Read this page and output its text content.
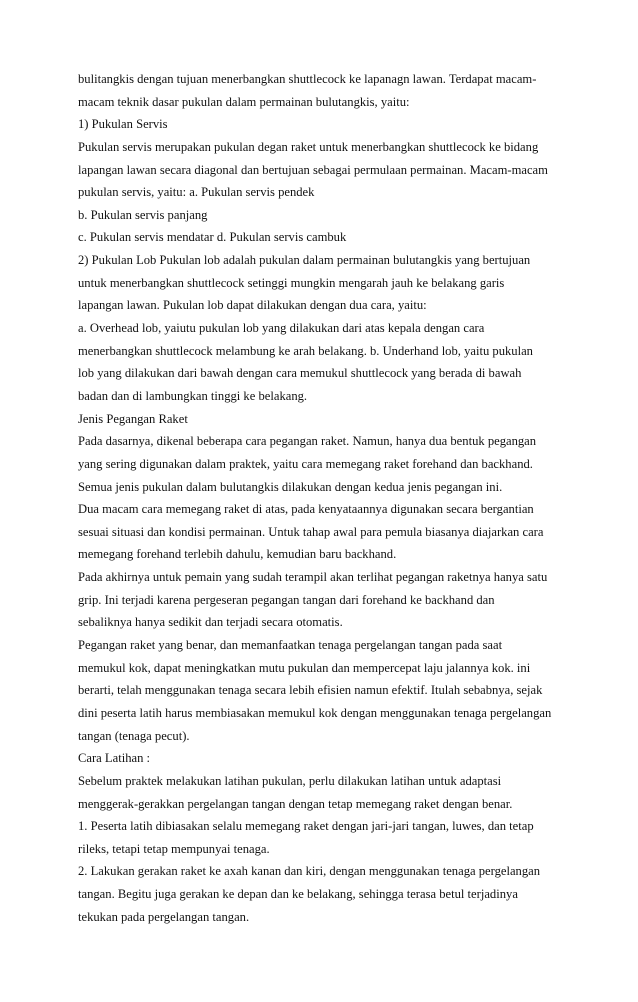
bulitangkis dengan tujuan menerbangkan shuttlecock ke lapanagn lawan. Terdapat macam-
macam teknik dasar pukulan dalam permainan bulutangkis, yaitu:
1) Pukulan Servis
Pukulan servis merupakan pukulan degan raket untuk menerbangkan shuttlecock ke bidang
lapangan lawan secara diagonal dan bertujuan sebagai permulaan permainan. Macam-macam
pukulan servis, yaitu: a. Pukulan servis pendek
b. Pukulan servis panjang
c. Pukulan servis mendatar d. Pukulan servis cambuk
2) Pukulan Lob Pukulan lob adalah pukulan dalam permainan bulutangkis yang bertujuan
untuk menerbangkan shuttlecock setinggi mungkin mengarah jauh ke belakang garis
lapangan lawan. Pukulan lob dapat dilakukan dengan dua cara, yaitu:
a. Overhead lob, yaiutu pukulan lob yang dilakukan dari atas kepala dengan cara
menerbangkan shuttlecock melambung ke arah belakang. b. Underhand lob, yaitu pukulan
lob yang dilakukan dari bawah dengan cara memukul shuttlecock yang berada di bawah
badan dan di lambungkan tinggi ke belakang.
Jenis Pegangan Raket
Pada dasarnya, dikenal beberapa cara pegangan raket. Namun, hanya dua bentuk pegangan
yang sering digunakan dalam praktek, yaitu cara memegang raket forehand dan backhand.
Semua jenis pukulan dalam bulutangkis dilakukan dengan kedua jenis pegangan ini.
Dua macam cara memegang raket di atas, pada kenyataannya digunakan secara bergantian
sesuai situasi dan kondisi permainan. Untuk tahap awal para pemula biasanya diajarkan cara
memegang forehand terlebih dahulu, kemudian baru backhand.
Pada akhirnya untuk pemain yang sudah terampil akan terlihat pegangan raketnya hanya satu
grip. Ini terjadi karena pergeseran pegangan tangan dari forehand ke backhand dan
sebaliknya hanya sedikit dan terjadi secara otomatis.
Pegangan raket yang benar, dan memanfaatkan tenaga pergelangan tangan pada saat
memukul kok, dapat meningkatkan mutu pukulan dan mempercepat laju jalannya kok. ini
berarti, telah menggunakan tenaga secara lebih efisien namun efektif. Itulah sebabnya, sejak
dini peserta latih harus membiasakan memukul kok dengan menggunakan tenaga pergelangan
tangan (tenaga pecut).
Cara Latihan :
Sebelum praktek melakukan latihan pukulan, perlu dilakukan latihan untuk adaptasi
menggerak-gerakkan pergelangan tangan dengan tetap memegang raket dengan benar.
1. Peserta latih dibiasakan selalu memegang raket dengan jari-jari tangan, luwes, dan tetap
rileks, tetapi tetap mempunyai tenaga.
2. Lakukan gerakan raket ke axah kanan dan kiri, dengan menggunakan tenaga pergelangan
tangan. Begitu juga gerakan ke depan dan ke belakang, sehingga terasa betul terjadinya
tekukan pada pergelangan tangan.
